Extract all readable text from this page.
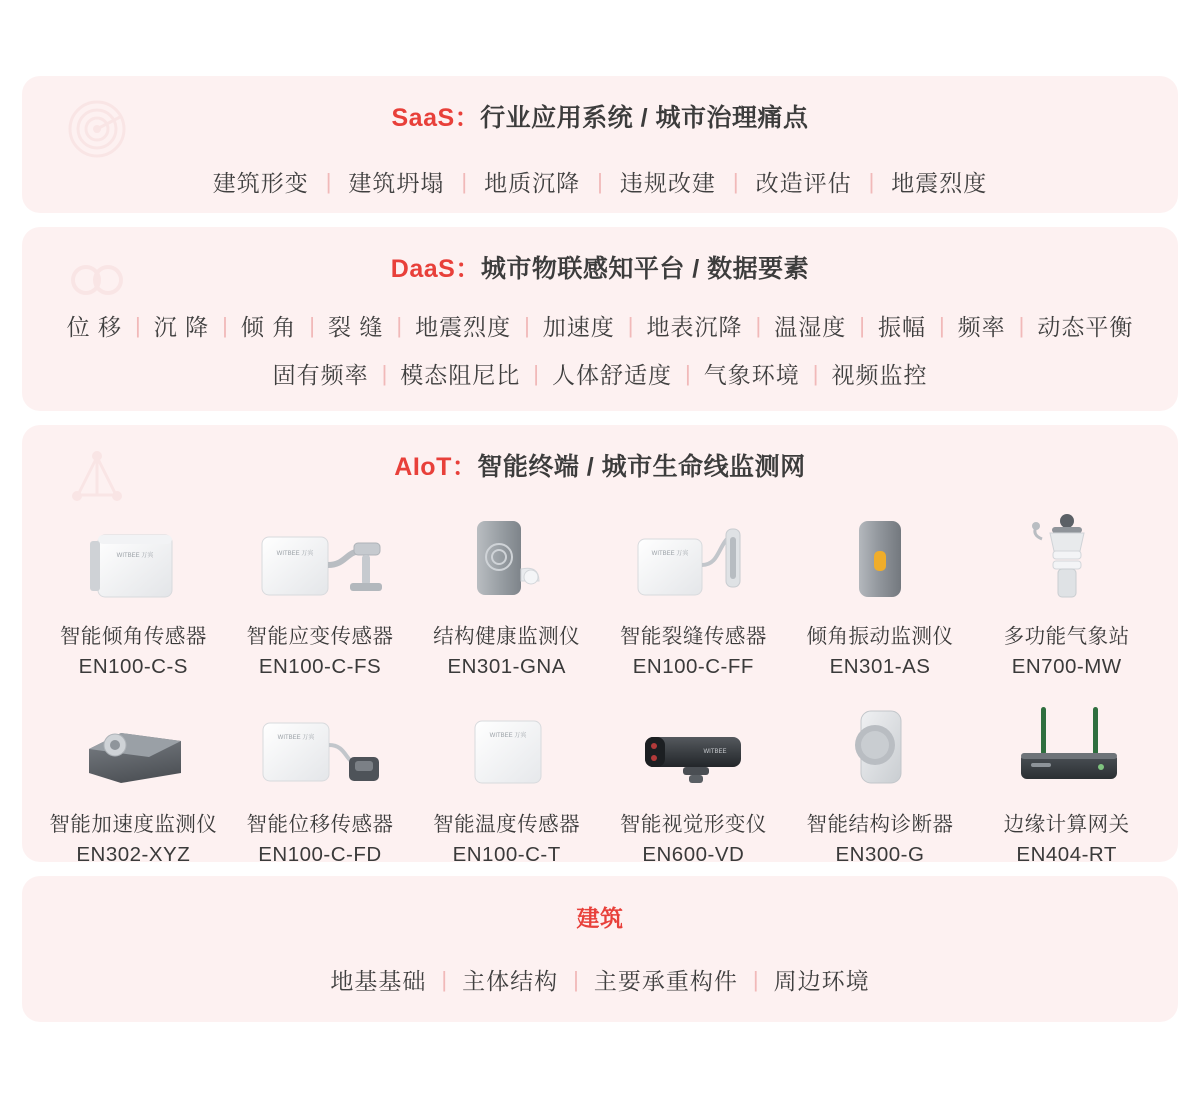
SaaS：行业应用系统 / 城市治理痛点
建筑形变 | 建筑坍塌 | 地质沉降 | 违规改建 | 改造评估 | 地震烈度
DaaS：城市物联感知平台 / 数据要素
位 移 | 沉 降 | 倾 角 | 裂 缝 | 地震烈度 | 加速度 | 地表沉降 | 温湿度 | 振幅 | 频率 | 动态平衡
固有频率 | 模态阻尼比 | 人体舒适度 | 气象环境 | 视频监控
AIoT：智能终端 / 城市生命线监测网
WITBEE 万宾
智能倾角传感器
EN100-C-S
WITBEE 万宾
智能应变传感器
EN100-C-FS
结构健康监测仪
EN301-GNA
WITBEE 万宾
智能裂缝传感器
EN100-C-FF
倾角振动监测仪
EN301-AS
多功能气象站
EN700-MW
智能加速度监测仪
EN302-XYZ
WITBEE 万宾
智能位移传感器
EN100-C-FD
WITBEE 万宾
智能温度传感器
EN100-C-T
WITBEE
智能视觉形变仪
EN600-VD
智能结构诊断器
EN300-G
边缘计算网关
EN404-RT
建筑
地基基础 | 主体结构 | 主要承重构件 | 周边环境
